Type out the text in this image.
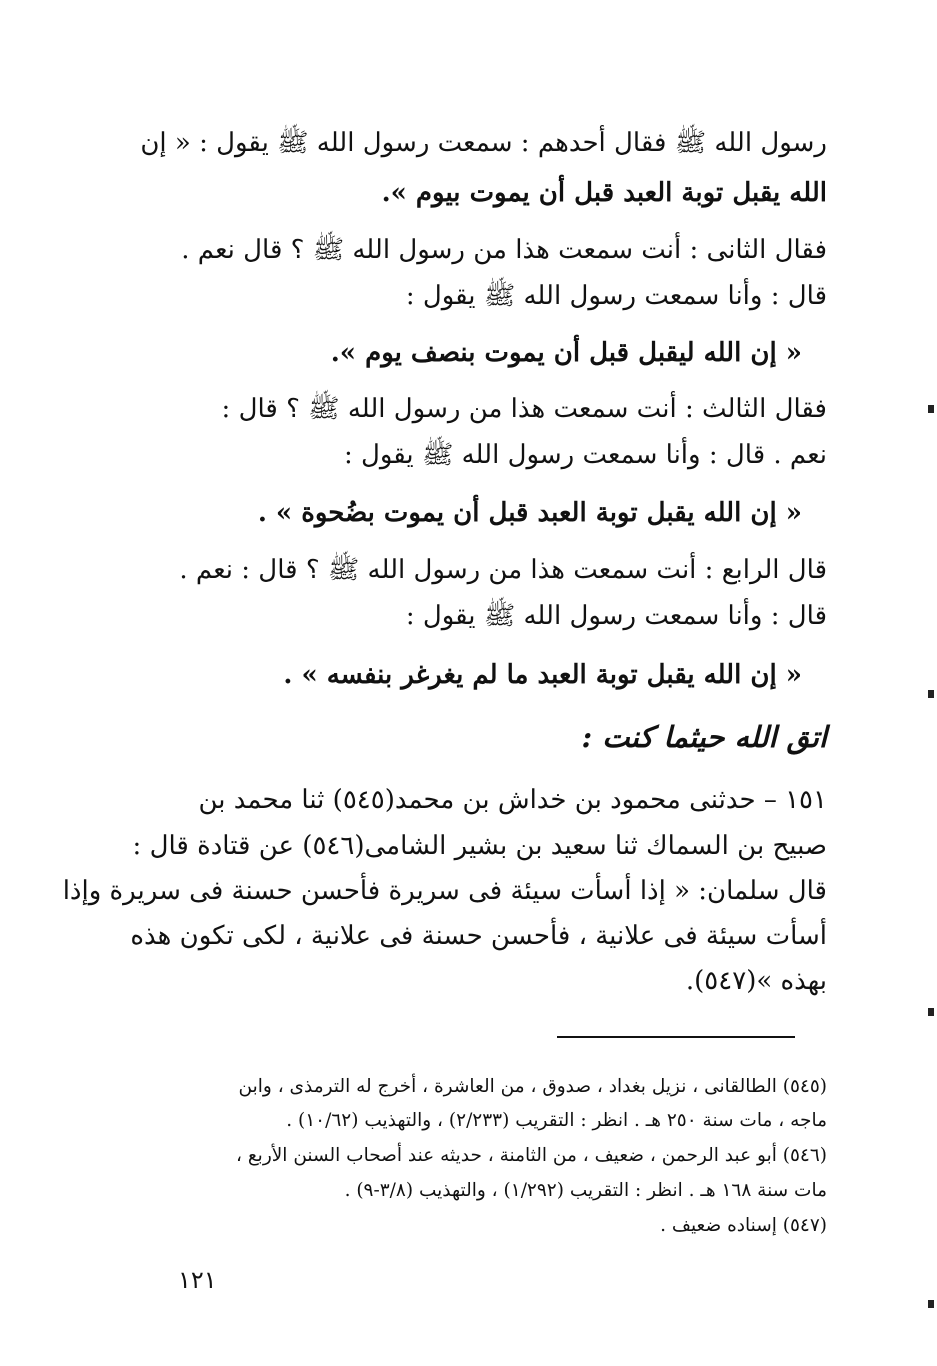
رسول الله ﷺ فقال أحدهم : سمعت رسول الله ﷺ يقول : « إن
الله يقبل توبة العبد قبل أن يموت بيوم ».
فقال الثانى : أنت سمعت هذا من رسول الله ﷺ ؟ قال نعم .
قال : وأنا سمعت رسول الله ﷺ يقول :
« إن الله ليقبل قبل أن يموت بنصف يوم ».
فقال الثالث : أنت سمعت هذا من رسول الله ﷺ ؟ قال :
نعم . قال : وأنا سمعت رسول الله ﷺ يقول :
« إن الله يقبل توبة العبد قبل أن يموت بضُحوة » .
قال الرابع : أنت سمعت هذا من رسول الله ﷺ ؟ قال : نعم .
قال : وأنا سمعت رسول الله ﷺ يقول :
« إن الله يقبل توبة العبد ما لم يغرغر بنفسه » .
اتق الله حيثما كنت :
١٥١ – حدثنى محمود بن خداش بن محمد(٥٤٥) ثنا محمد بن
صبيح بن السماك ثنا سعيد بن بشير الشامى(٥٤٦) عن قتادة قال :
قال سلمان: « إذا أسأت سيئة فى سريرة فأحسن حسنة فى سريرة وإذا
أسأت سيئة فى علانية ، فأحسن حسنة فى علانية ، لكى تكون هذه
بهذه »(٥٤٧).
(٥٤٥) الطالقانى ، نزيل بغداد ، صدوق ، من العاشرة ، أخرج له الترمذى ، وابن
ماجه ، مات سنة ٢٥٠ هـ . انظر : التقريب (٢/٢٣٣) ، والتهذيب (١٠/٦٢) .
(٥٤٦) أبو عبد الرحمن ، ضعيف ، من الثامنة ، حديثه عند أصحاب السنن الأربع ،
مات سنة ١٦٨ هـ . انظر : التقريب (١/٢٩٢) ، والتهذيب (٣/٨-٩) .
(٥٤٧) إسناده ضعيف .
١٢١
